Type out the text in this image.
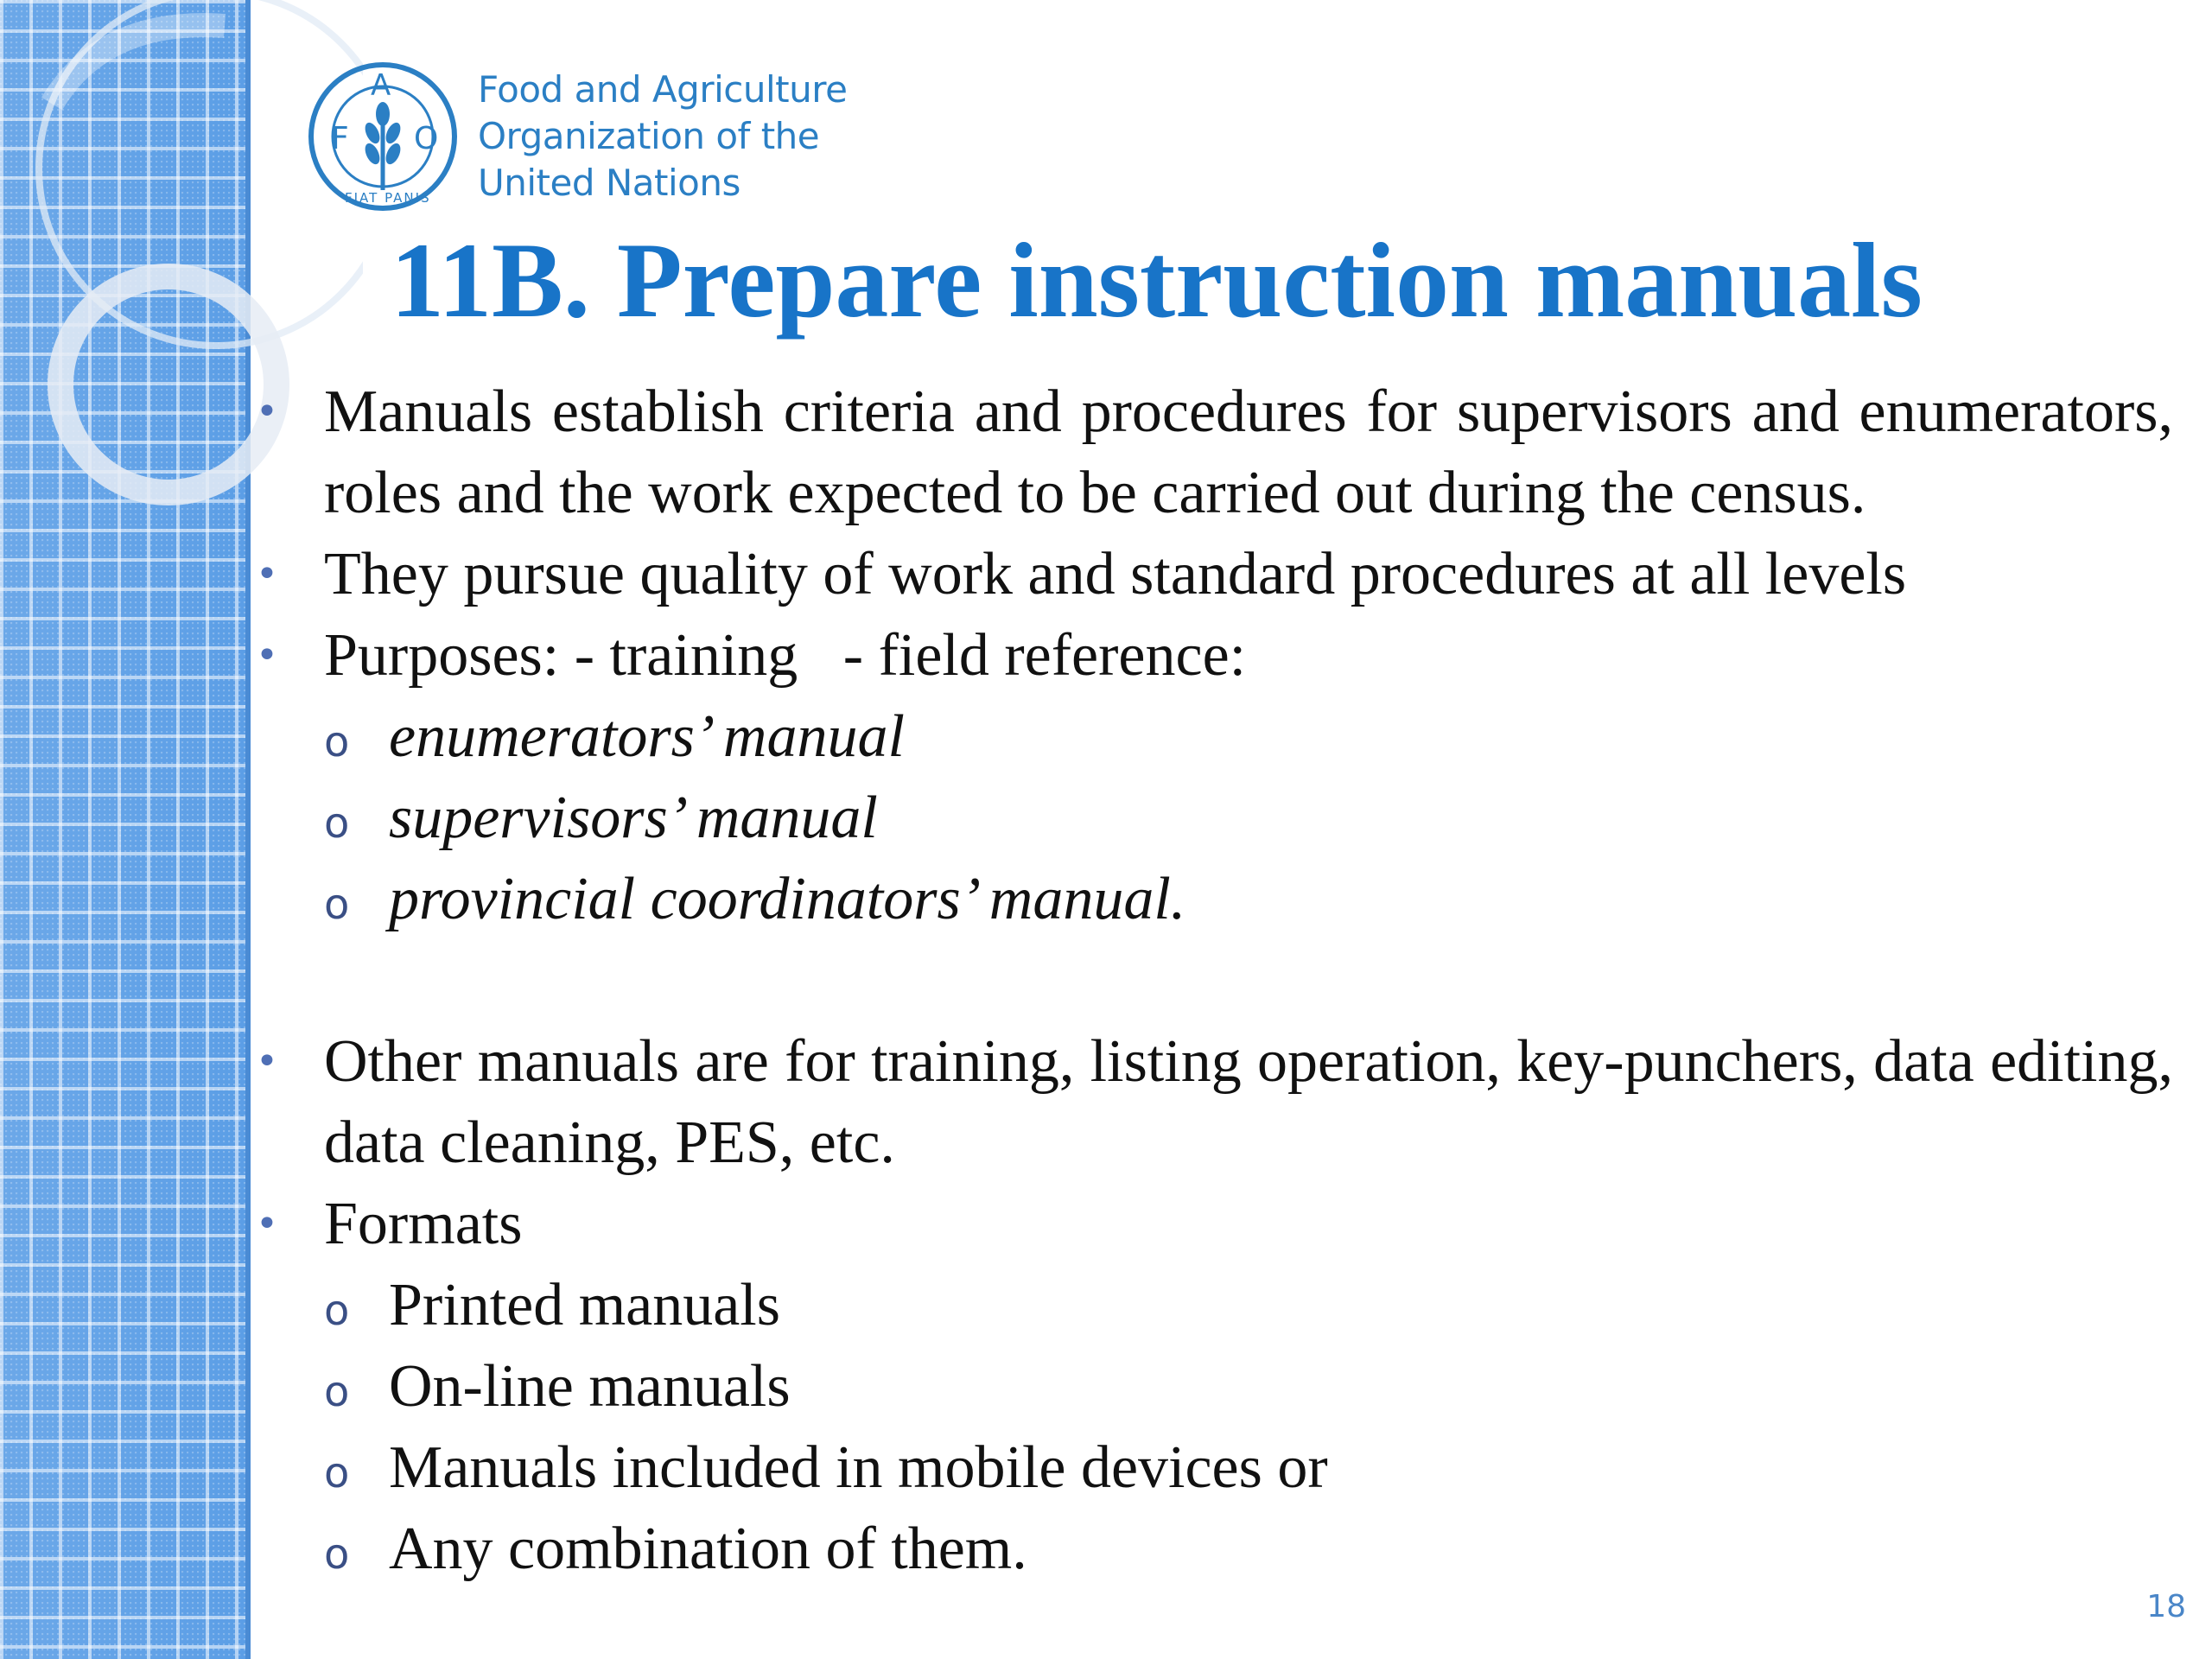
F
A
O
FIAT PANIS
Food and Agriculture
Organization of the
United Nations
11B. Prepare instruction manuals
• Manuals establish criteria and procedures for supervisors and enumerators, roles and the work expected to be carried out during the census.
• They pursue quality of work and standard procedures at all levels
• Purposes: - training   - field reference:
o enumerators’ manual
o supervisors’ manual
o provincial coordinators’ manual.
• Other manuals are for training, listing operation, key-punchers, data editing, data cleaning, PES, etc.
• Formats
o Printed manuals
o On-line manuals
o Manuals included in mobile devices or
o Any combination of them.
18
